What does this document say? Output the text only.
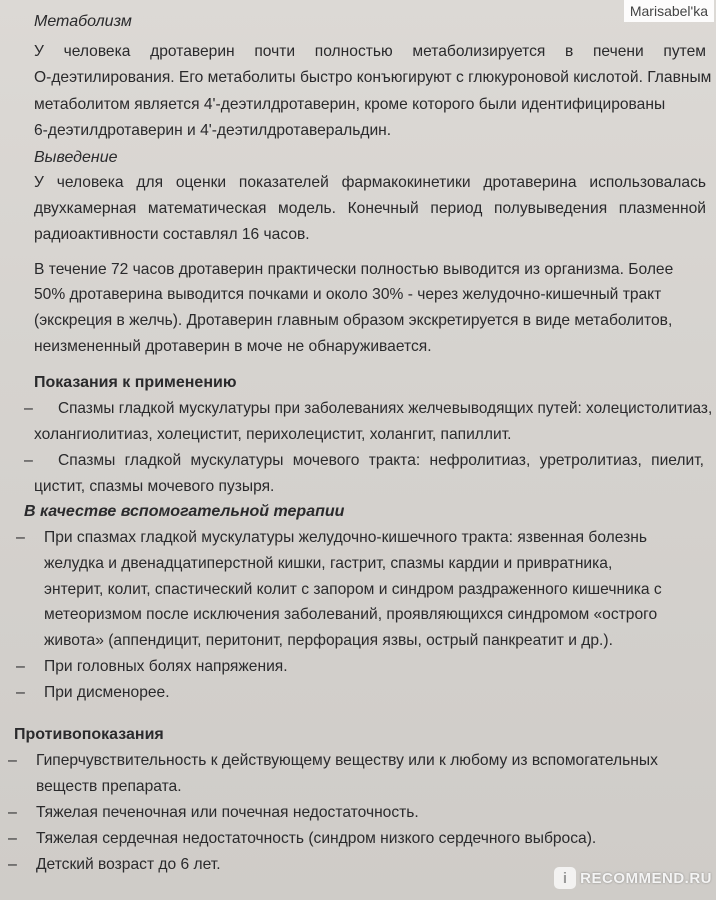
Marisabel'ka
Метаболизм
У человека дротаверин почти полностью метаболизируется в печени путем
О-деэтилирования. Его метаболиты быстро конъюгируют с глюкуроновой кислотой. Главным
метаболитом является 4'-деэтилдротаверин, кроме которого были идентифицированы
6-деэтилдротаверин и 4'-деэтилдротаверальдин.
Выведение
У человека для оценки показателей фармакокинетики дротаверина использовалась
двухкамерная математическая модель. Конечный период полувыведения плазменной
радиоактивности составлял 16 часов.
В течение 72 часов дротаверин практически полностью выводится из организма. Более
50% дротаверина выводится почками и около 30% - через желудочно-кишечный тракт
(экскреция в желчь). Дротаверин главным образом экскретируется в виде метаболитов,
неизмененный дротаверин в моче не обнаруживается.
Показания к применению
– Спазмы гладкой мускулатуры при заболеваниях желчевыводящих путей: холецистолитиаз,
холангиолитиаз, холецистит, перихолецистит, холангит, папиллит.
– Спазмы гладкой мускулатуры мочевого тракта: нефролитиаз, уретролитиаз, пиелит,
цистит, спазмы мочевого пузыря.
В качестве вспомогательной терапии
– При спазмах гладкой мускулатуры желудочно-кишечного тракта: язвенная болезнь
желудка и двенадцатиперстной кишки, гастрит, спазмы кардии и привратника,
энтерит, колит, спастический колит с запором и синдром раздраженного кишечника с
метеоризмом после исключения заболеваний, проявляющихся синдромом «острого
живота» (аппендицит, перитонит, перфорация язвы, острый панкреатит и др.).
– При головных болях напряжения.
– При дисменорее.
Противопоказания
– Гиперчувствительность к действующему веществу или к любому из вспомогательных
веществ препарата.
– Тяжелая печеночная или почечная недостаточность.
– Тяжелая сердечная недостаточность (синдром низкого сердечного выброса).
– Детский возраст до 6 лет.
i RECOMMEND.RU
